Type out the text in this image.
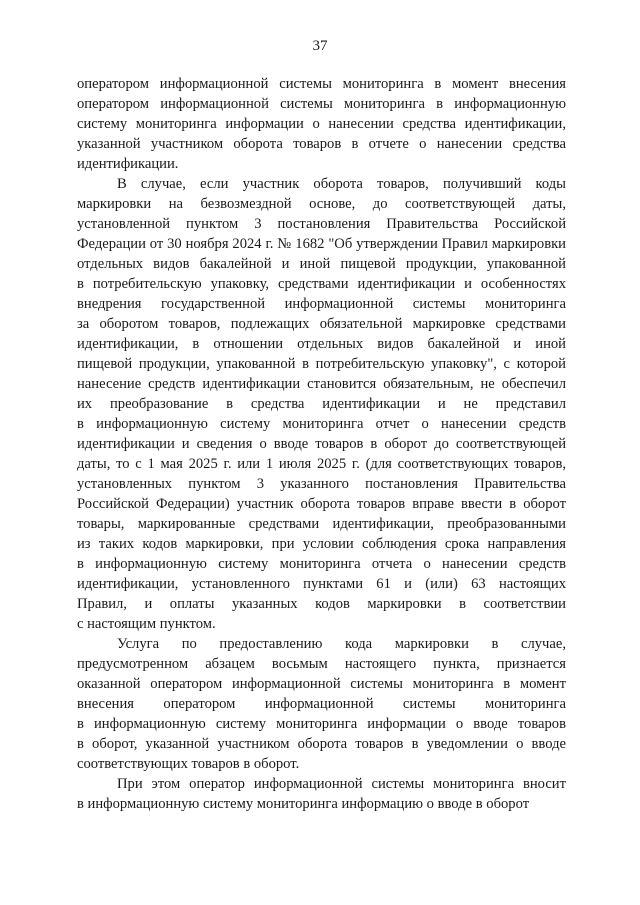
37
оператором информационной системы мониторинга в момент внесения
оператором информационной системы мониторинга в информационную
систему мониторинга информации о нанесении средства идентификации,
указанной участником оборота товаров в отчете о нанесении средства
идентификации.
В случае, если участник оборота товаров, получивший коды
маркировки на безвозмездной основе, до соответствующей даты,
установленной пунктом 3 постановления Правительства Российской
Федерации от 30 ноября 2024 г. № 1682 "Об утверждении Правил маркировки
отдельных видов бакалейной и иной пищевой продукции, упакованной
в потребительскую упаковку, средствами идентификации и особенностях
внедрения государственной информационной системы мониторинга
за оборотом товаров, подлежащих обязательной маркировке средствами
идентификации, в отношении отдельных видов бакалейной и иной
пищевой продукции, упакованной в потребительскую упаковку", с которой
нанесение средств идентификации становится обязательным, не обеспечил
их преобразование в средства идентификации и не представил
в информационную систему мониторинга отчет о нанесении средств
идентификации и сведения о вводе товаров в оборот до соответствующей
даты, то с 1 мая 2025 г. или 1 июля 2025 г. (для соответствующих товаров,
установленных пунктом 3 указанного постановления Правительства
Российской Федерации) участник оборота товаров вправе ввести в оборот
товары, маркированные средствами идентификации, преобразованными
из таких кодов маркировки, при условии соблюдения срока направления
в информационную систему мониторинга отчета о нанесении средств
идентификации, установленного пунктами 61 и (или) 63 настоящих
Правил, и оплаты указанных кодов маркировки в соответствии
с настоящим пунктом.
Услуга по предоставлению кода маркировки в случае,
предусмотренном абзацем восьмым настоящего пункта, признается
оказанной оператором информационной системы мониторинга в момент
внесения оператором информационной системы мониторинга
в информационную систему мониторинга информации о вводе товаров
в оборот, указанной участником оборота товаров в уведомлении о вводе
соответствующих товаров в оборот.
При этом оператор информационной системы мониторинга вносит
в информационную систему мониторинга информацию о вводе в оборот
